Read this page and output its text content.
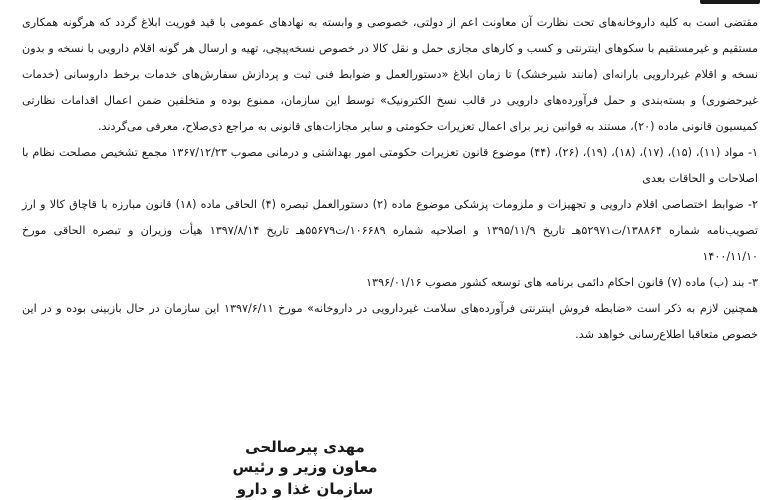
مقتضی است به کلیه داروخانه‌های تحت نظارت آن معاونت اعم از دولتی، خصوصی و وابسته به نهادهای عمومی با قید فوریت ابلاغ گردد که هرگونه همکاری مستقیم و غیرمستقیم با سکوهای اینترنتی و کسب و کارهای مجازی حمل و نقل کالا در خصوص نسخه‌پیچی، تهیه و ارسال هر گونه اقلام دارویی با نسخه و بدون نسخه و اقلام غیردارویی بارانه‌ای (مانند شیرخشک) تا زمان ابلاغ «دستورالعمل و ضوابط فنی ثبت و پردازش سفارش‌های خدمات برخط داروسانی (خدمات غیرحضوری) و بسته‌بندی و حمل فرآورده‌های دارویی در قالب نسخ الکترونیک» توسط این سازمان، ممنوع بوده و متخلفین ضمن اعمال اقدامات نظارتی کمیسیون قانونی ماده (۲۰)، مستند به قوانین زیر برای اعمال تعزیرات حکومتی و سایر مجازات‌های قانونی به مراجع ذی‌صلاح، معرفی می‌گردند.

۱- مواد (۱۱)، (۱۵)، (۱۷)، (۱۸)، (۱۹)، (۲۶)، (۴۴) موضوع قانون تعزیرات حکومتی امور بهداشتی و درمانی مصوب ۱۳۶۷/۱۲/۲۳ مجمع تشخیص مصلحت نظام با اصلاحات و الحاقات بعدی

۲- ضوابط اختصاصی اقلام دارویی و تجهیزات و ملزومات پزشکی موضوع ماده (۲) دستورالعمل تبصره (۴) الحاقی ماده (۱۸) قانون مبارزه با قاچاق کالا و ارز تصویب‌نامه شماره ۱۳۸۸۶۴/ت۵۲۹۷۱هـ تاریخ ۱۳۹۵/۱۱/۹ و اصلاحیه شماره ۱۰۶۶۸۹/ت۵۵۶۷۹هـ تاریخ ۱۳۹۷/۸/۱۴ هیأت وزیران و تبصره الحاقی مورخ ۱۴۰۰/۱۱/۱۰

۳- بند (ب) ماده (۷) قانون احکام دائمی برنامه های توسعه کشور مصوب ۱۳۹۶/۰۱/۱۶

همچنین لازم به ذکر است «ضابطه فروش اینترنتی فرآورده‌های سلامت غیردارویی در داروخانه» مورخ ۱۳۹۷/۶/۱۱ این سازمان در حال بازبینی بوده و در این خصوص متعاقبا اطلاع‌رسانی خواهد شد.

مهدی پیرصالحی
معاون وزیر و رئیس سازمان غذا و دارو
